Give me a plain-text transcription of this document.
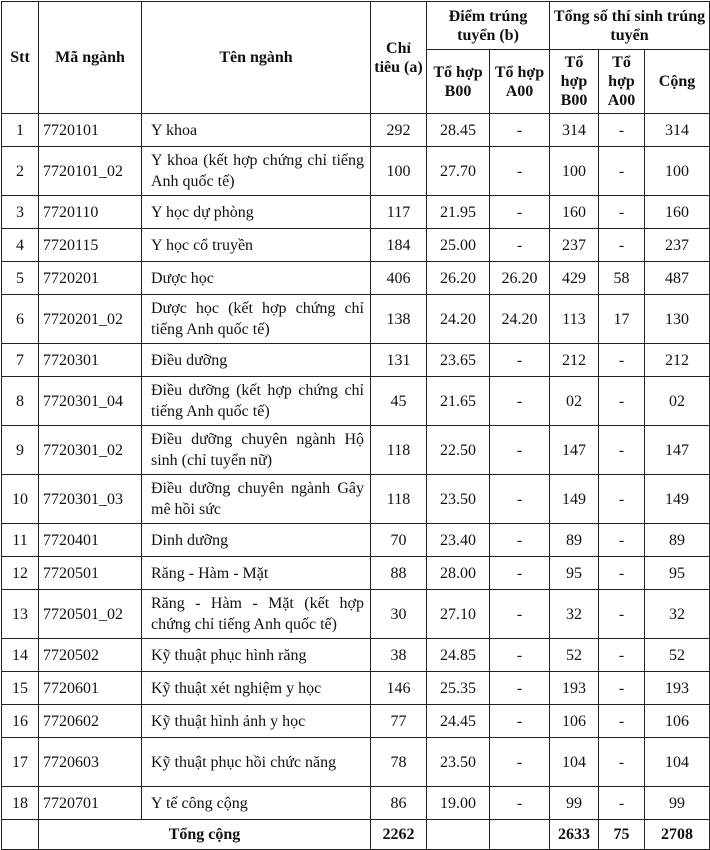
Stt	Mã ngành	Tên ngành	Chỉ tiêu (a)	Điểm trúng tuyển (b)		Tổng số thí sinh trúng tuyển		
				Tổ hợp B00	Tổ hợp A00	Tổ hợp B00	Tổ hợp A00	Cộng
1	7720101	Y khoa	292	28.45	-	314	-	314
2	7720101_02	Y khoa (kết hợp chứng chỉ tiếng Anh quốc tế)	100	27.70	-	100	-	100
3	7720110	Y học dự phòng	117	21.95	-	160	-	160
4	7720115	Y học cổ truyền	184	25.00	-	237	-	237
5	7720201	Dược học	406	26.20	26.20	429	58	487
6	7720201_02	Dược học (kết hợp chứng chỉ tiếng Anh quốc tế)	138	24.20	24.20	113	17	130
7	7720301	Điều dưỡng	131	23.65	-	212	-	212
8	7720301_04	Điều dưỡng (kết hợp chứng chỉ tiếng Anh quốc tế)	45	21.65	-	02	-	02
9	7720301_02	Điều dưỡng chuyên ngành Hộ sinh (chỉ tuyển nữ)	118	22.50	-	147	-	147
10	7720301_03	Điều dưỡng chuyên ngành Gây mê hồi sức	118	23.50	-	149	-	149
11	7720401	Dinh dưỡng	70	23.40	-	89	-	89
12	7720501	Răng - Hàm - Mặt	88	28.00	-	95	-	95
13	7720501_02	Răng - Hàm - Mặt (kết hợp chứng chỉ tiếng Anh quốc tế)	30	27.10	-	32	-	32
14	7720502	Kỹ thuật phục hình răng	38	24.85	-	52	-	52
15	7720601	Kỹ thuật xét nghiệm y học	146	25.35	-	193	-	193
16	7720602	Kỹ thuật hình ảnh y học	77	24.45	-	106	-	106
17	7720603	Kỹ thuật phục hồi chức năng	78	23.50	-	104	-	104
18	7720701	Y tế công cộng	86	19.00	-	99	-	99
	Tổng cộng		2262			2633	75	2708
